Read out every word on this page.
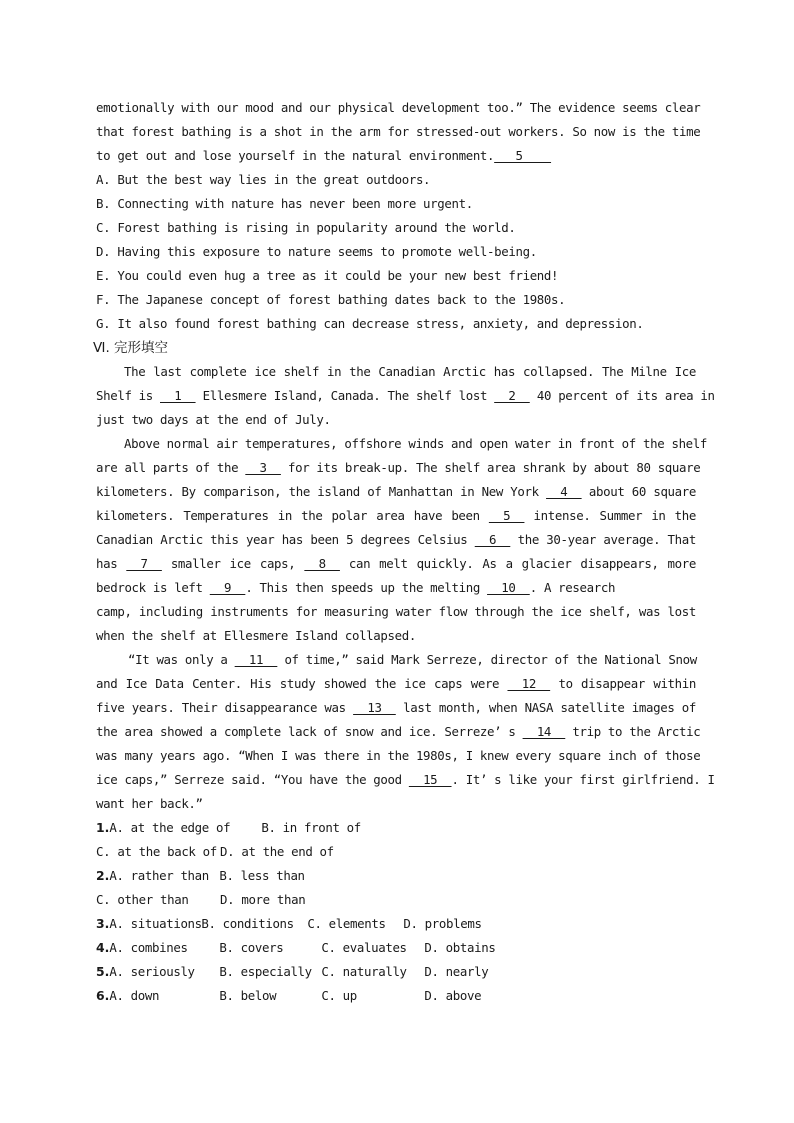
emotionally with our mood and our physical development too.” The evidence seems clear
that forest bathing is a shot in the arm for stressed-out workers. So now is the time
to get out and lose yourself in the natural environment.   5
A. But the best way lies in the great outdoors.
B. Connecting with nature has never been more urgent.
C. Forest bathing is rising in popularity around the world.
D. Having this exposure to nature seems to promote well-being.
E. You could even hug a tree as it could be your new best friend!
F. The Japanese concept of forest bathing dates back to the 1980s.
G. It also found forest bathing can decrease stress, anxiety, and depression.
Ⅵ. 完形填空
The last complete ice shelf in the Canadian Arctic has collapsed. The Milne Ice
Shelf is   1   Ellesmere Island, Canada. The shelf lost   2   40 percent of its area in
just two days at the end of July.
Above normal air temperatures, offshore winds and open water in front of the shelf
are all parts of the   3   for its break-up. The shelf area shrank by about 80 square
kilometers. By comparison, the island of Manhattan in New York   4   about 60 square
kilometers. Temperatures in the polar area have been   5   intense. Summer in the
Canadian Arctic this year has been 5 degrees Celsius   6   the 30-year average. That
has   7   smaller ice caps,   8   can melt quickly. As a glacier disappears, more
bedrock is left   9  . This then speeds up the melting   10  . A research
camp, including instruments for measuring water flow through the ice shelf, was lost
when the shelf at Ellesmere Island collapsed.
“It was only a   11   of time,” said Mark Serreze, director of the National Snow
and Ice Data Center. His study showed the ice caps were   12   to disappear within
five years. Their disappearance was   13   last month, when NASA satellite images of
the area showed a complete lack of snow and ice. Serreze’ s   14   trip to the Arctic
was many years ago. “When I was there in the 1980s, I knew every square inch of those
ice caps,” Serreze said. “You have the good   15  . It’ s like your first girlfriend. I
want her back.”
1.A. at the edge of	B. in front of
C. at the back of D. at the end of
2.A. rather than B. less than
C. other than	D. more than
3.A. situationsB. conditions C. elements D. problems
4.A. combines	B. covers	C. evaluates D. obtains
5.A. seriously B. especially C. naturally D. nearly
6.A. down	B. below	C. up	D. above
